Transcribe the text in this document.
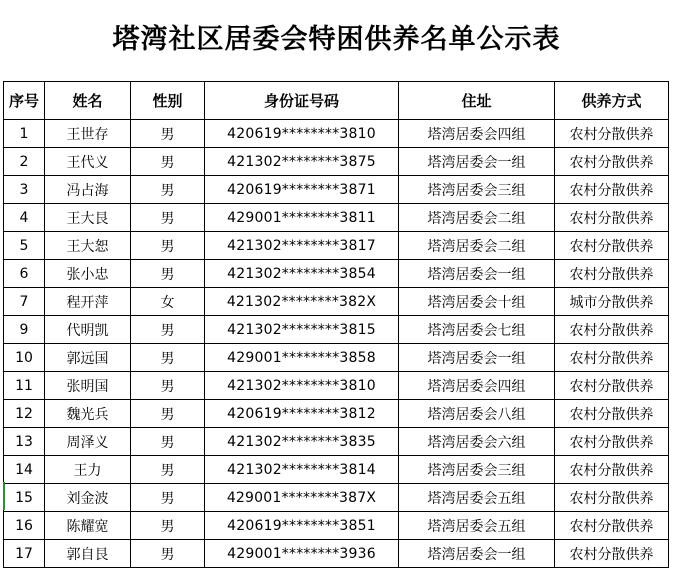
塔湾社区居委会特困供养名单公示表
序号	姓名	性别	身份证号码	住址	供养方式
1	王世存	男	420619********3810	塔湾居委会四组	农村分散供养
2	王代义	男	421302********3875	塔湾居委会一组	农村分散供养
3	冯占海	男	420619********3871	塔湾居委会三组	农村分散供养
4	王大艮	男	429001********3811	塔湾居委会二组	农村分散供养
5	王大恕	男	421302********3817	塔湾居委会二组	农村分散供养
6	张小忠	男	421302********3854	塔湾居委会一组	农村分散供养
7	程开萍	女	421302********382X	塔湾居委会十组	城市分散供养
9	代明凯	男	421302********3815	塔湾居委会七组	农村分散供养
10	郭远国	男	429001********3858	塔湾居委会一组	农村分散供养
11	张明国	男	421302********3810	塔湾居委会四组	农村分散供养
12	魏光兵	男	420619********3812	塔湾居委会八组	农村分散供养
13	周泽义	男	421302********3835	塔湾居委会六组	农村分散供养
14	王力	男	421302********3814	塔湾居委会三组	农村分散供养
15	刘金波	男	429001********387X	塔湾居委会五组	农村分散供养
16	陈耀宽	男	420619********3851	塔湾居委会五组	农村分散供养
17	郭自艮	男	429001********3936	塔湾居委会一组	农村分散供养
